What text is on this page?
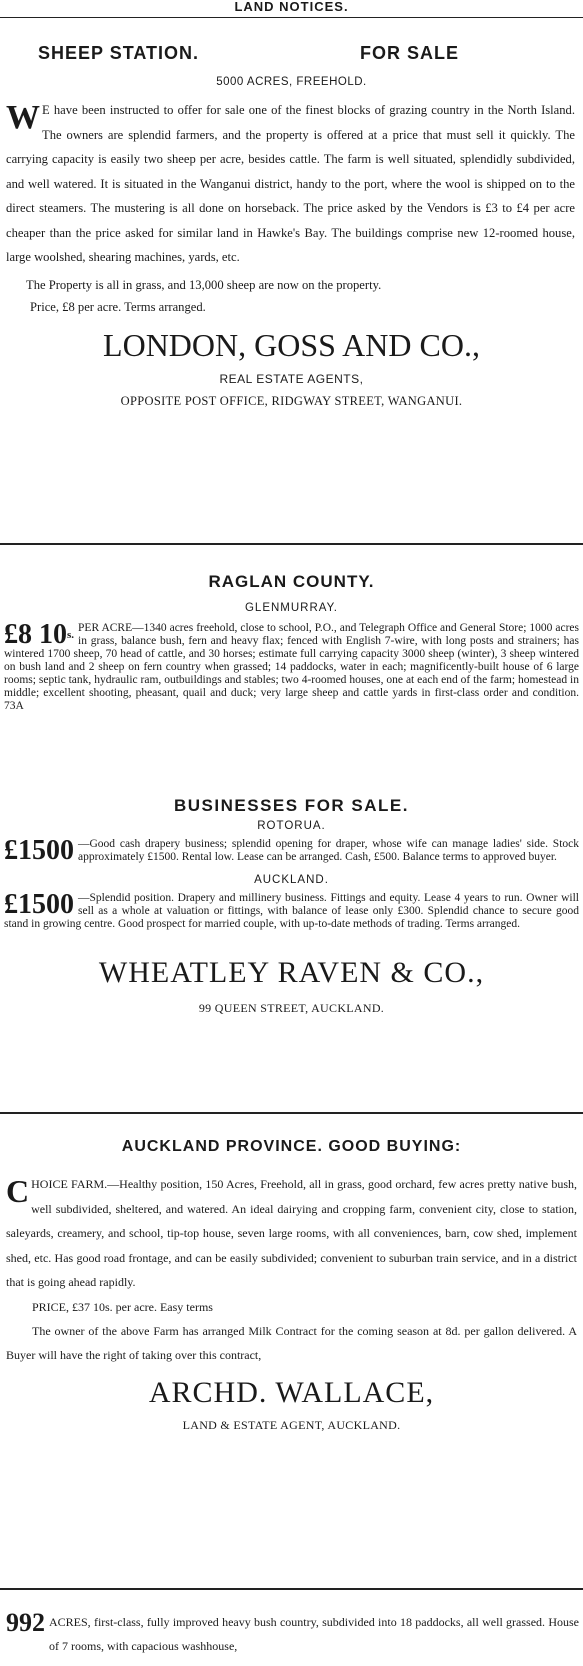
LAND NOTICES.
SHEEP STATION.	FOR SALE
5000 ACRES, FREEHOLD.
W E have been instructed to offer for sale one of the finest blocks of grazing country in the North Island. The owners are splendid farmers, and the property is offered at a price that must sell it quickly. The carrying capacity is easily two sheep per acre, besides cattle. The farm is well situated, splendidly subdivided, and well watered. It is situated in the Wanganui district, handy to the port, where the wool is shipped on to the direct steamers. The mustering is all done on horseback. The price asked by the Vendors is £3 to £4 per acre cheaper than the price asked for similar land in Hawke's Bay. The buildings comprise new 12-roomed house, large woolshed, shearing machines, yards, etc.
The Property is all in grass, and 13,000 sheep are now on the property.
Price, £8 per acre. Terms arranged.
LONDON, GOSS AND CO.,
REAL ESTATE AGENTS,
OPPOSITE POST OFFICE, RIDGWAY STREET, WANGANUI.
RAGLAN COUNTY.
GLENMURRAY.
£8 $10^{s.}$
PER ACRE—1340 acres freehold, close to school, P.O., and Telegraph Office and General Store; 1000 acres in grass, balance bush, fern and heavy flax; fenced with English 7-wire, with long posts and strainers; has wintered 1700 sheep, 70 head of cattle, and 30 horses; estimate full carrying capacity 3000 sheep (winter), 3 sheep wintered on bush land and 2 sheep on fern country when grassed; 14 paddocks, water in each; magnificently-built house of 6 large rooms; septic tank, hydraulic ram, outbuildings and stables; two 4-roomed houses, one at each end of the farm; homestead in middle; excellent shooting, pheasant, quail and duck; very large sheep and cattle yards in first-class order and condition. 73A
BUSINESSES FOR SALE.
ROTORUA.
£1500 —Good cash drapery business; splendid opening for draper, whose wife can manage ladies' side. Stock approximately £1500. Rental low. Lease can be arranged. Cash, £500. Balance terms to approved buyer.
AUCKLAND.
£1500 —Splendid position. Drapery and millinery business. Fittings and equity. Lease 4 years to run. Owner will sell as a whole at valuation or fittings, with balance of lease only £300. Splendid chance to secure good stand in growing centre. Good prospect for married couple, with up-to-date methods of trading. Terms arranged.
WHEATLEY RAVEN & CO.,
99 QUEEN STREET, AUCKLAND.
AUCKLAND PROVINCE. GOOD BUYING:
C HOICE FARM.—Healthy position, 150 Acres, Freehold, all in grass, good orchard, few acres pretty native bush, well subdivided, sheltered, and watered. An ideal dairying and cropping farm, convenient city, close to station, saleyards, creamery, and school, tip-top house, seven large rooms, with all conveniences, barn, cow shed, implement shed, etc. Has good road frontage, and can be easily subdivided; convenient to suburban train service, and in a district that is going ahead rapidly.
PRICE, £37 10s. per acre. Easy terms
The owner of the above Farm has arranged Milk Contract for the coming season at 8d. per gallon delivered. A Buyer will have the right of taking over this contract,
ARCHD. WALLACE,
LAND & ESTATE AGENT, AUCKLAND.
992 ACRES, first-class, fully improved heavy bush country, subdivided into 18 paddocks, all well grassed. House of 7 rooms, with capacious washhouse,
